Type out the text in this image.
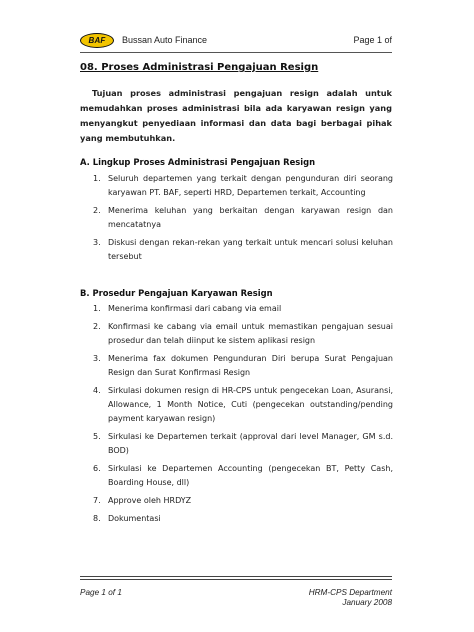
BAF Bussan Auto Finance	Page 1 of
08. Proses Administrasi Pengajuan Resign
Tujuan proses administrasi pengajuan resign adalah untuk memudahkan proses administrasi bila ada karyawan resign yang menyangkut penyediaan informasi dan data bagi berbagai pihak yang membutuhkan.
A. Lingkup Proses Administrasi Pengajuan Resign
1. Seluruh departemen yang terkait dengan pengunduran diri seorang karyawan PT. BAF, seperti HRD, Departemen terkait, Accounting
2. Menerima keluhan yang berkaitan dengan karyawan resign dan mencatatnya
3. Diskusi dengan rekan-rekan yang terkait untuk mencari solusi keluhan tersebut
B. Prosedur Pengajuan Karyawan Resign
1. Menerima konfirmasi dari cabang via email
2. Konfirmasi ke cabang via email untuk memastikan pengajuan sesuai prosedur dan telah diinput ke sistem aplikasi resign
3. Menerima fax dokumen Pengunduran Diri berupa Surat Pengajuan Resign dan Surat Konfirmasi Resign
4. Sirkulasi dokumen resign di HR-CPS untuk pengecekan Loan, Asuransi, Allowance, 1 Month Notice, Cuti (pengecekan outstanding/pending payment karyawan resign)
5. Sirkulasi ke Departemen terkait (approval dari level Manager, GM s.d. BOD)
6. Sirkulasi ke Departemen Accounting (pengecekan BT, Petty Cash, Boarding House, dll)
7. Approve oleh HRDYZ
8. Dokumentasi
Page 1 of 1	HRM-CPS Department
January 2008
